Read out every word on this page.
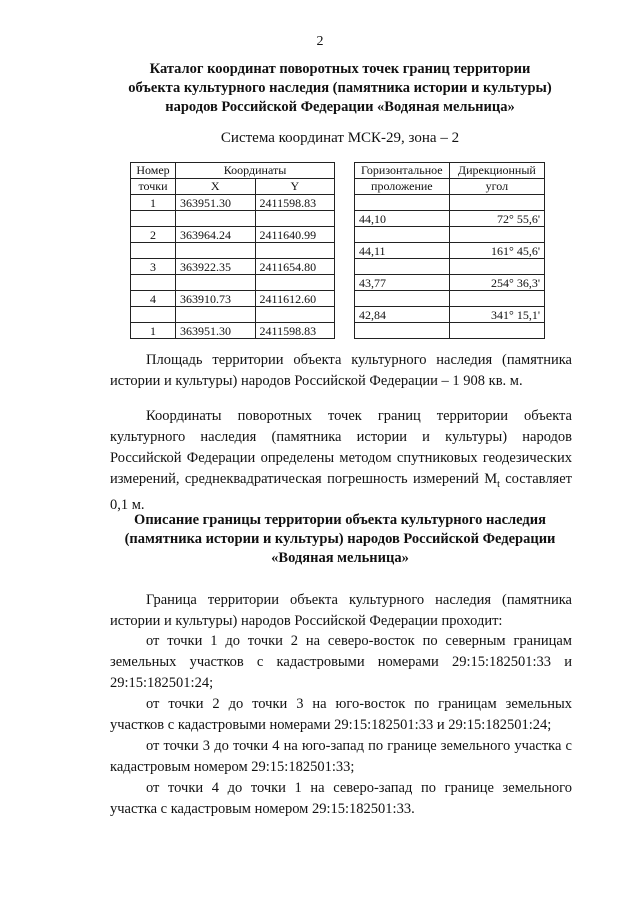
2
Каталог координат поворотных точек границ территории
объекта культурного наследия (памятника истории и культуры)
народов Российской Федерации «Водяная мельница»
Система координат МСК-29, зона – 2
Номер	Координаты			Горизонтальное	Дирекционный
точки	X	Y		проложение	угол
1	363951.30	2411598.83			
				44,10	72° 55,6'
2	363964.24	2411640.99			
				44,11	161° 45,6'
3	363922.35	2411654.80			
				43,77	254° 36,3'
4	363910.73	2411612.60			
				42,84	341° 15,1'
1	363951.30	2411598.83			
Площадь территории объекта культурного наследия (памятника истории и культуры) народов Российской Федерации – 1 908 кв. м.
Координаты поворотных точек границ территории объекта культурного наследия (памятника истории и культуры) народов Российской Федерации определены методом спутниковых геодезических измерений, среднеквадратическая погрешность измерений $M_t$ составляет 0,1 м.
Описание границы территории объекта культурного наследия
(памятника истории и культуры) народов Российской Федерации
«Водяная мельница»
Граница территории объекта культурного наследия (памятника истории и культуры) народов Российской Федерации проходит:
от точки 1 до точки 2 на северо-восток по северным границам земельных участков с кадастровыми номерами 29:15:182501:33 и 29:15:182501:24;
от точки 2 до точки 3 на юго-восток по границам земельных участков с кадастровыми номерами 29:15:182501:33 и 29:15:182501:24;
от точки 3 до точки 4 на юго-запад по границе земельного участка с кадастровым номером 29:15:182501:33;
от точки 4 до точки 1 на северо-запад по границе земельного участка с кадастровым номером 29:15:182501:33.
